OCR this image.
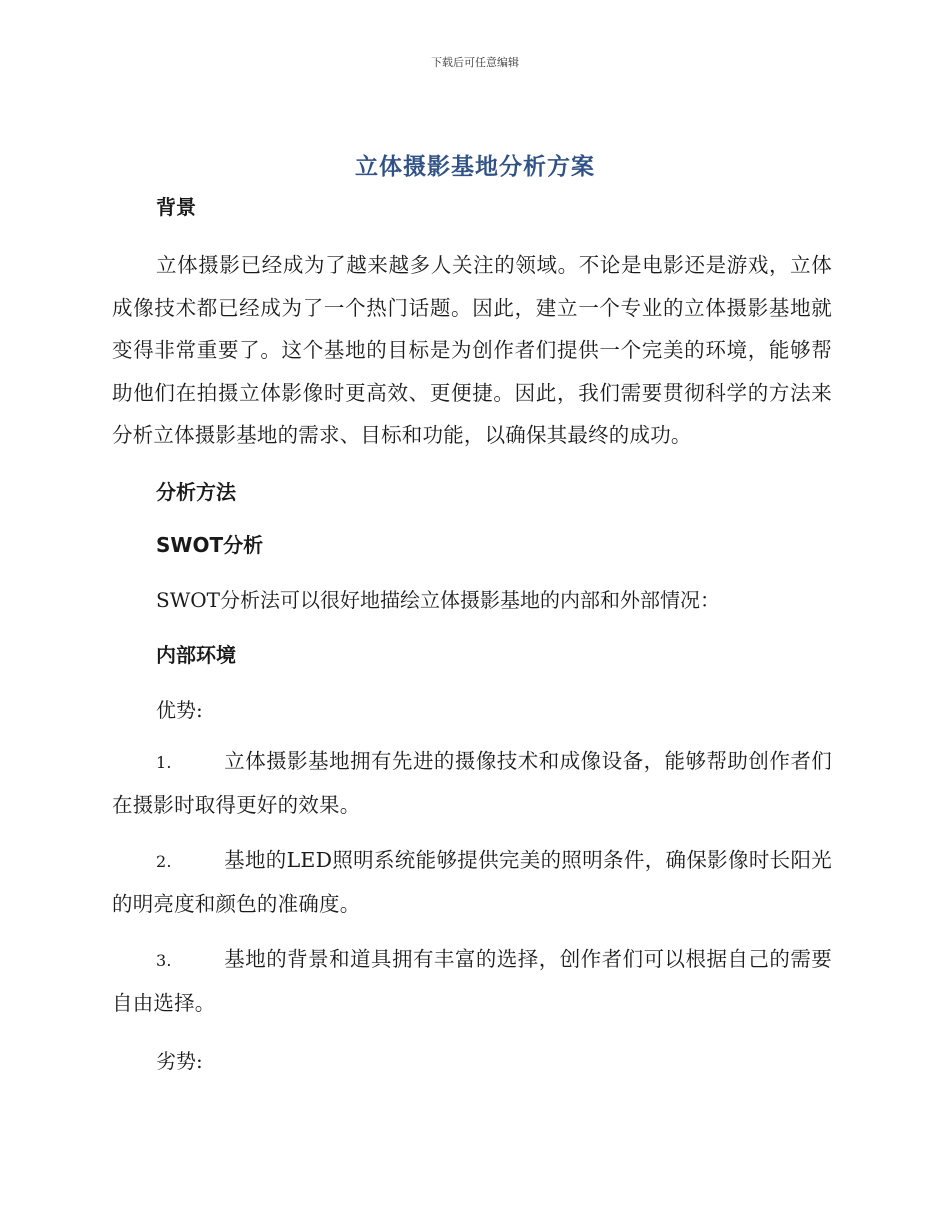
下载后可任意编辑
立体摄影基地分析方案
背景

立体摄影已经成为了越来越多人关注的领域。不论是电影还是游戏，立体成像技术都已经成为了一个热门话题。因此，建立一个专业的立体摄影基地就变得非常重要了。这个基地的目标是为创作者们提供一个完美的环境，能够帮助他们在拍摄立体影像时更高效、更便捷。因此，我们需要贯彻科学的方法来分析立体摄影基地的需求、目标和功能，以确保其最终的成功。

分析方法
SWOT分析
SWOT分析法可以很好地描绘立体摄影基地的内部和外部情况：
内部环境
优势:

1.	立体摄影基地拥有先进的摄像技术和成像设备，能够帮助创作者们在摄影时取得更好的效果。

2.	基地的LED照明系统能够提供完美的照明条件，确保影像时长阳光的明亮度和颜色的准确度。

3.	基地的背景和道具拥有丰富的选择，创作者们可以根据自己的需要自由选择。

劣势:
